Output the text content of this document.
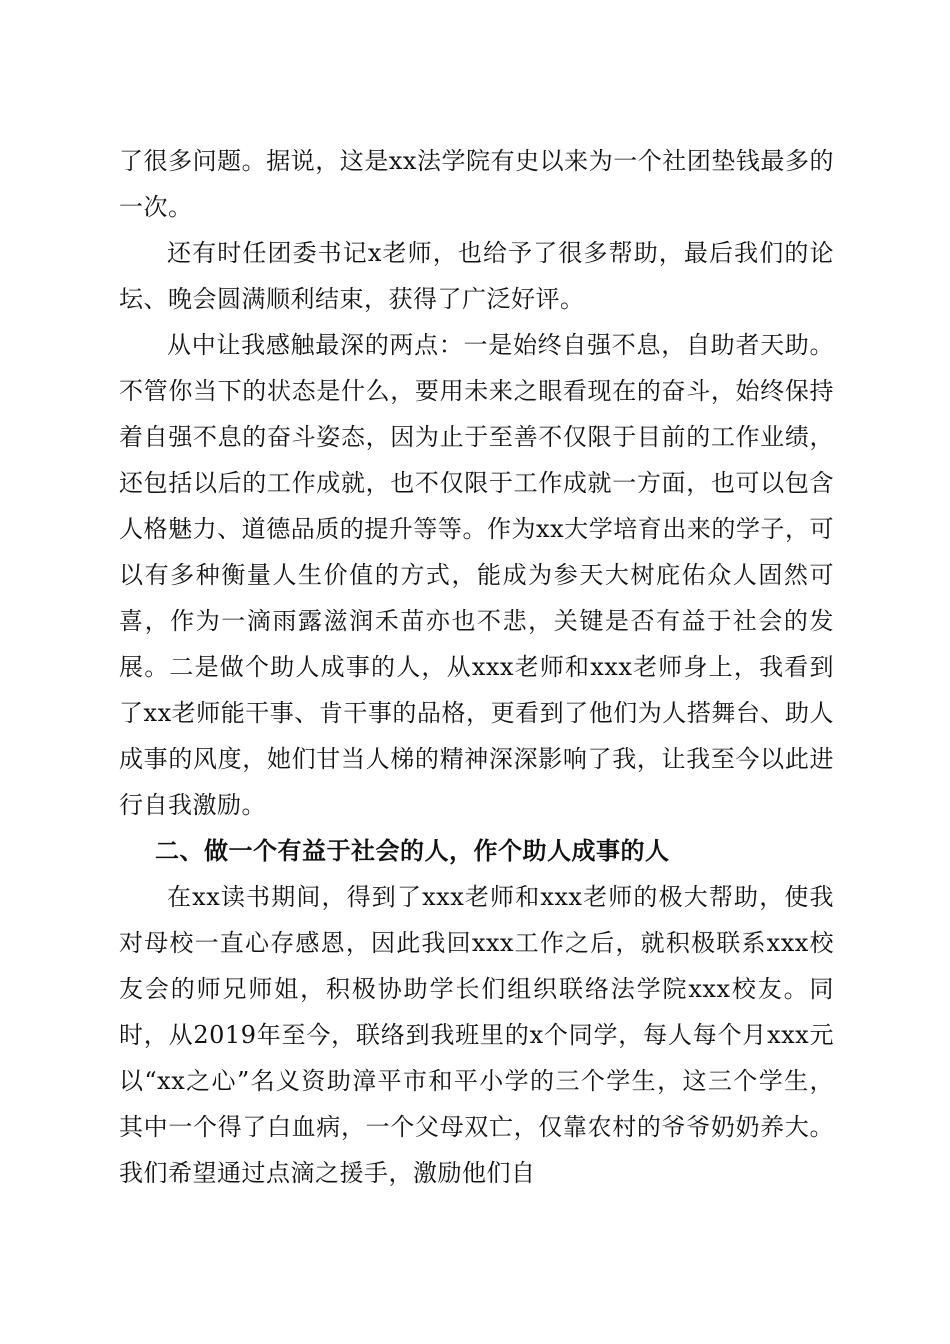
了很多问题。据说，这是xx法学院有史以来为一个社团垫钱最多的一次。

还有时任团委书记x老师，也给予了很多帮助，最后我们的论坛、晚会圆满顺利结束，获得了广泛好评。

从中让我感触最深的两点：一是始终自强不息，自助者天助。不管你当下的状态是什么，要用未来之眼看现在的奋斗，始终保持着自强不息的奋斗姿态，因为止于至善不仅限于目前的工作业绩，还包括以后的工作成就，也不仅限于工作成就一方面，也可以包含人格魅力、道德品质的提升等等。作为xx大学培育出来的学子，可以有多种衡量人生价值的方式，能成为参天大树庇佑众人固然可喜，作为一滴雨露滋润禾苗亦也不悲，关键是否有益于社会的发展。二是做个助人成事的人，从xxx老师和xxx老师身上，我看到了xx老师能干事、肯干事的品格，更看到了他们为人搭舞台、助人成事的风度，她们甘当人梯的精神深深影响了我，让我至今以此进行自我激励。

二、做一个有益于社会的人，作个助人成事的人

在xx读书期间，得到了xxx老师和xxx老师的极大帮助，使我对母校一直心存感恩，因此我回xxx工作之后，就积极联系xxx校友会的师兄师姐，积极协助学长们组织联络法学院xxx校友。同时，从2019年至今，联络到我班里的x个同学，每人每个月xxx元以“xx之心”名义资助漳平市和平小学的三个学生，这三个学生，其中一个得了白血病，一个父母双亡，仅靠农村的爷爷奶奶养大。我们希望通过点滴之援手，激励他们自
